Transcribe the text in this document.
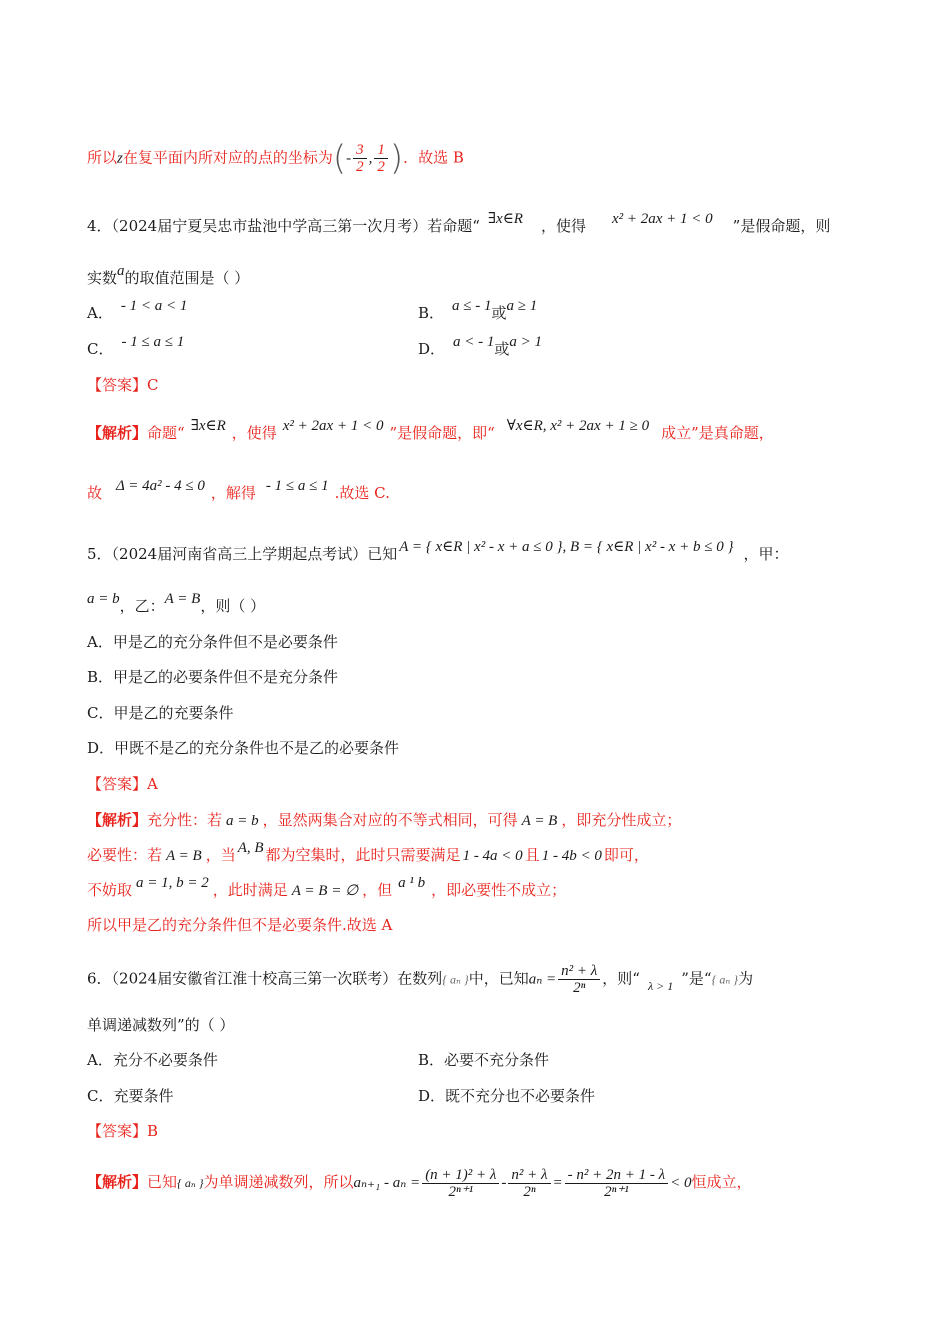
所以z在复平面内所对应的点的坐标为(- $\frac{3}{2}$ , $\frac{1}{2}$ )．故选 B
4．（2024届宁夏吴忠市盐池中学高三第一次月考）若命题“ ∃x∈R ，使得 x² + 2ax + 1 < 0 ”是假命题，则
实数a的取值范围是（ ）
A． - 1 < a < 1	B． a ≤ - 1或a ≥ 1
C． - 1 ≤ a ≤ 1	D． a < - 1或a > 1
【答案】C
【解析】命题“ ∃x∈R ，使得 x² + 2ax + 1 < 0 ”是假命题，即“ ∀x∈R, x² + 2ax + 1 ≥ 0 成立”是真命题，
故 Δ = 4a² - 4 ≤ 0 ，解得 - 1 ≤ a ≤ 1 .故选 C.
5．（2024届河南省高三上学期起点考试）已知 A = { x∈R | x² - x + a ≤ 0 }, B = { x∈R | x² - x + b ≤ 0 } ，甲：
a = b，乙：A = B，则（ ）
A．甲是乙的充分条件但不是必要条件
B．甲是乙的必要条件但不是充分条件
C．甲是乙的充要条件
D．甲既不是乙的充分条件也不是乙的必要条件
【答案】A
【解析】充分性：若 a = b ，显然两集合对应的不等式相同，可得 A = B ，即充分性成立；
必要性：若 A = B ，当 A, B 都为空集时，此时只需要满足 1 - 4a < 0 且 1 - 4b < 0 即可，
不妨取 a = 1, b = 2 ，此时满足 A = B = ∅ ，但 a ¹ b ，即必要性不成立；
所以甲是乙的充分条件但不是必要条件.故选 A
6．（2024届安徽省江淮十校高三第一次联考）在数列{ aₙ }中，已知$a_n = \frac{\text{n² + λ}}{\text{2ⁿ}}$ ，则“ $_{\lambda > 1}$ ”是“{ aₙ }为
单调递减数列”的（ ）
A．充分不必要条件	B．必要不充分条件
C．充要条件	D．既不充分也不必要条件
【答案】B
【解析】已知{ aₙ }为单调递减数列，所以$a_{n+1} - a_n = \frac{\text{(n + 1)² + λ}}{\text{2ⁿ⁺¹}} - \frac{\text{n² + λ}}{\text{2ⁿ}} = \frac{\text{- n² + 2n + 1 - λ}}{\text{2ⁿ⁺¹}} < 0$恒成立，
